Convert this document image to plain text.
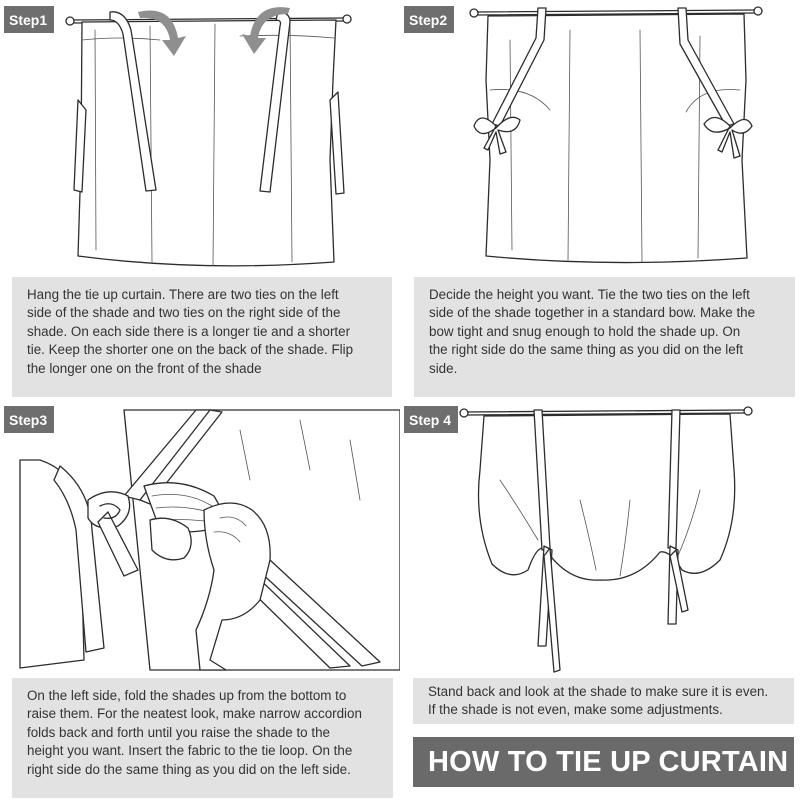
Step1
Hang the tie up curtain. There are two ties on the left
side of the shade and two ties on the right side of the
shade. On each side there is a longer tie and a shorter
tie. Keep the shorter one on the back of the shade. Flip
the longer one on the front of the shade
Step2
Decide the height you want. Tie the two ties on the left
side of the shade together in a standard bow. Make the
bow tight and snug enough to hold the shade up. On
the right side do the same thing as you did on the left
side.
Step3
On the left side, fold the shades up from the bottom to
raise them. For the neatest look, make narrow accordion
folds back and forth until you raise the shade to the
height you want. Insert the fabric to the tie loop. On the
right side do the same thing as you did on the left side.
Step 4
Stand back and look at the shade to make sure it is even.
If the shade is not even, make some adjustments.
HOW TO TIE UP CURTAIN
